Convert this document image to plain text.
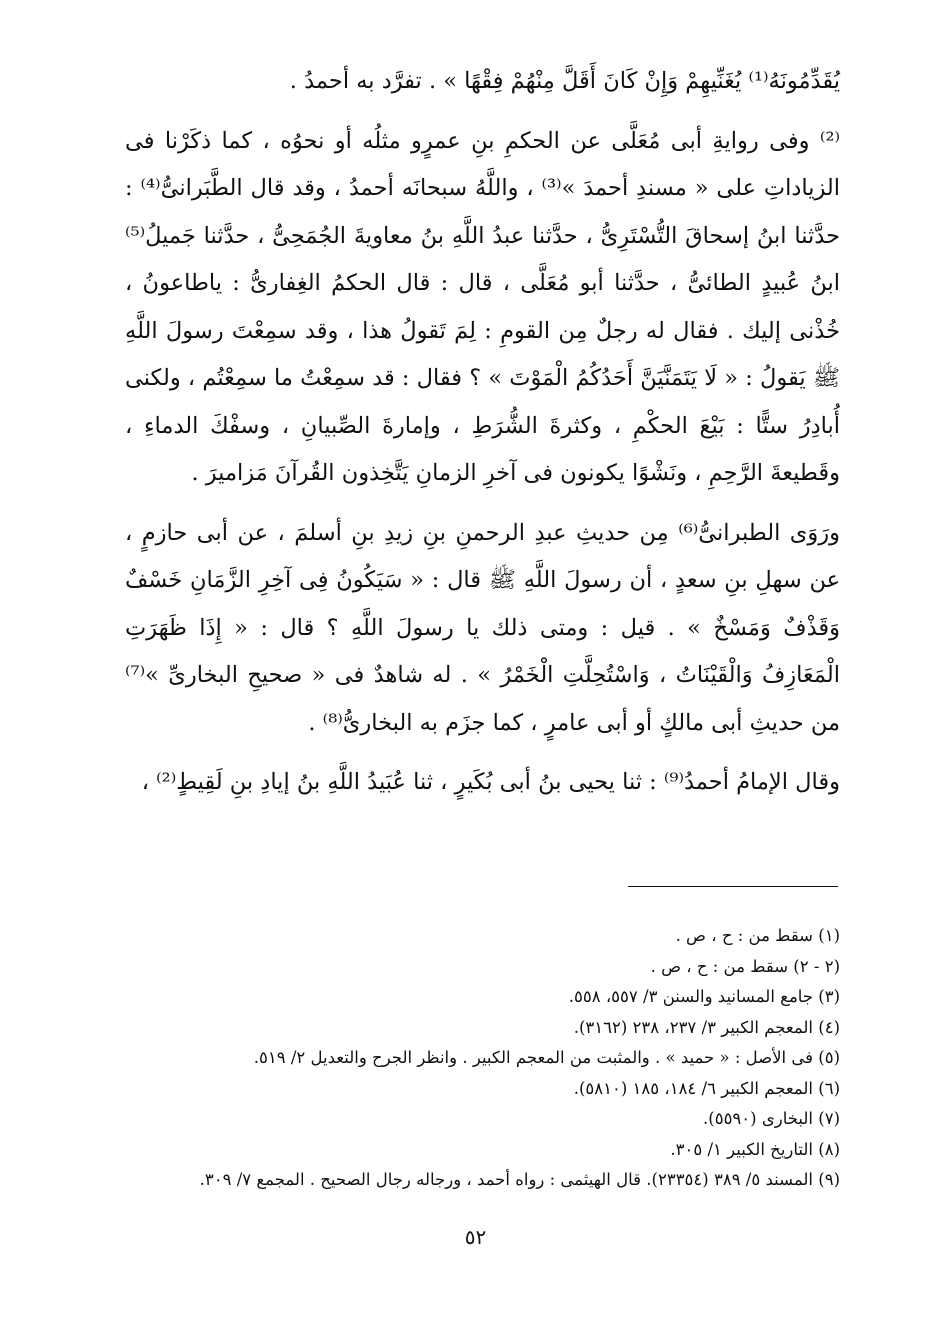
يُقَدِّمُونَهُ⁽¹⁾ يُغَنِّيهِمْ وَإِنْ كَانَ أَقَلَّ مِنْهُمْ فِقْهًا » . تفرَّد به أحمدُ .

⁽²⁾ وفى روايةِ أبى مُعَلَّى عن الحكمِ بنِ عمرٍو مثلُه أو نحوُه ، كما ذكَرْنا فى الزياداتِ على « مسندِ أحمدَ »⁽³⁾ ، واللَّهُ سبحانَه أحمدُ ، وقد قال الطَّبَرانىُّ⁽⁴⁾ : حدَّثنا ابنُ إسحاقَ التُّسْتَرِىُّ ، حدَّثنا عبدُ اللَّهِ بنُ معاويةَ الجُمَحِىُّ ، حدَّثنا جَميلُ⁽⁵⁾ ابنُ عُبيدٍ الطائىُّ ، حدَّثنا أبو مُعَلَّى ، قال : قال الحكمُ الغِفارىُّ : ياطاعونُ ، خُذْنى إليك . فقال له رجلٌ مِن القومِ : لِمَ تَقولُ هذا ، وقد سمِعْتَ رسولَ اللَّهِ ﷺ يَقولُ : « لَا يَتَمَنَّيَنَّ أَحَدُكُمُ الْمَوْتَ » ؟ فقال : قد سمِعْتُ ما سمِعْتُم ، ولكنى أُبادِرُ ستًّا : بَيْعَ الحكْمِ ، وكثرةَ الشُّرَطِ ، وإمارةَ الصِّبيانِ ، وسفْكَ الدماءِ ، وقَطيعةَ الرَّحِمِ ، ونَشْوًا يكونون فى آخرِ الزمانِ يَتَّخِذون القُرآنَ مَزاميرَ .

ورَوَى الطبرانىُّ⁽⁶⁾ مِن حديثِ عبدِ الرحمنِ بنِ زيدِ بنِ أسلمَ ، عن أبى حازمٍ ، عن سهلِ بنِ سعدٍ ، أن رسولَ اللَّهِ ﷺ قال : « سَيَكُونُ فِى آخِرِ الزَّمَانِ خَسْفٌ وَقَذْفٌ وَمَسْخٌ » . قيل : ومتى ذلك يا رسولَ اللَّهِ ؟ قال : « إِذَا ظَهَرَتِ الْمَعَازِفُ وَالْقَيْنَاتُ ، وَاسْتُحِلَّتِ الْخَمْرُ » . له شاهدٌ فى « صحيحِ البخارىِّ »⁽⁷⁾ من حديثِ أبى مالكٍ أو أبى عامرٍ ، كما جزَم به البخارىُّ⁽⁸⁾ .

وقال الإمامُ أحمدُ⁽⁹⁾ : ثنا يحيى بنُ أبى بُكَيرٍ ، ثنا عُبَيدُ اللَّهِ بنُ إيادِ بنِ لَقِيطٍ⁽²⁾ ،

(١) سقط من : ح ، ص .
(٢ - ٢) سقط من : ح ، ص .
(٣) جامع المسانيد والسنن ٣/ ٥٥٧، ٥٥٨.
(٤) المعجم الكبير ٣/ ٢٣٧، ٢٣٨ (٣١٦٢).
(٥) فى الأصل : « حميد » . والمثبت من المعجم الكبير . وانظر الجرح والتعديل ٢/ ٥١٩.
(٦) المعجم الكبير ٦/ ١٨٤، ١٨٥ (٥٨١٠).
(٧) البخارى (٥٥٩٠).
(٨) التاريخ الكبير ١/ ٣٠٥.
(٩) المسند ٥/ ٣٨٩ (٢٣٣٥٤). قال الهيثمى : رواه أحمد ، ورجاله رجال الصحيح . المجمع ٧/ ٣٠٩.
٥٢
